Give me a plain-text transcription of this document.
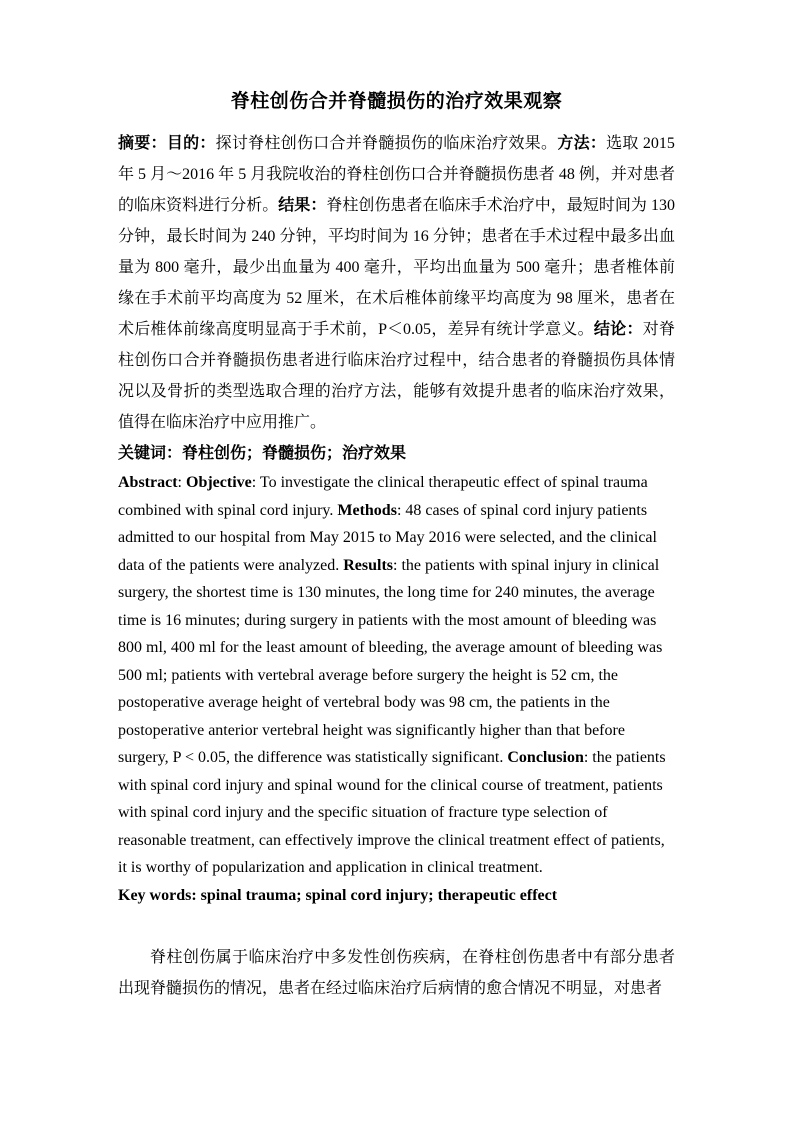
脊柱创伤合并脊髓损伤的治疗效果观察

摘要：目的：探讨脊柱创伤口合并脊髓损伤的临床治疗效果。方法：选取 2015 年 5 月～2016 年 5 月我院收治的脊柱创伤口合并脊髓损伤患者 48 例，并对患者的临床资料进行分析。结果：脊柱创伤患者在临床手术治疗中，最短时间为 130 分钟，最长时间为 240 分钟，平均时间为 16 分钟；患者在手术过程中最多出血量为 800 毫升，最少出血量为 400 毫升，平均出血量为 500 毫升；患者椎体前缘在手术前平均高度为 52 厘米，在术后椎体前缘平均高度为 98 厘米，患者在术后椎体前缘高度明显高于手术前，P＜0.05，差异有统计学意义。结论：对脊柱创伤口合并脊髓损伤患者进行临床治疗过程中，结合患者的脊髓损伤具体情况以及骨折的类型选取合理的治疗方法，能够有效提升患者的临床治疗效果，值得在临床治疗中应用推广。

关键词：脊柱创伤；脊髓损伤；治疗效果

Abstract: Objective: To investigate the clinical therapeutic effect of spinal trauma combined with spinal cord injury. Methods: 48 cases of spinal cord injury patients admitted to our hospital from May 2015 to May 2016 were selected, and the clinical data of the patients were analyzed. Results: the patients with spinal injury in clinical surgery, the shortest time is 130 minutes, the long time for 240 minutes, the average time is 16 minutes; during surgery in patients with the most amount of bleeding was 800 ml, 400 ml for the least amount of bleeding, the average amount of bleeding was 500 ml; patients with vertebral average before surgery the height is 52 cm, the postoperative average height of vertebral body was 98 cm, the patients in the postoperative anterior vertebral height was significantly higher than that before surgery, P < 0.05, the difference was statistically significant. Conclusion: the patients with spinal cord injury and spinal wound for the clinical course of treatment, patients with spinal cord injury and the specific situation of fracture type selection of reasonable treatment, can effectively improve the clinical treatment effect of patients, it is worthy of popularization and application in clinical treatment.

Key words: spinal trauma; spinal cord injury; therapeutic effect

脊柱创伤属于临床治疗中多发性创伤疾病，在脊柱创伤患者中有部分患者出现脊髓损伤的情况，患者在经过临床治疗后病情的愈合情况不明显，对患者
